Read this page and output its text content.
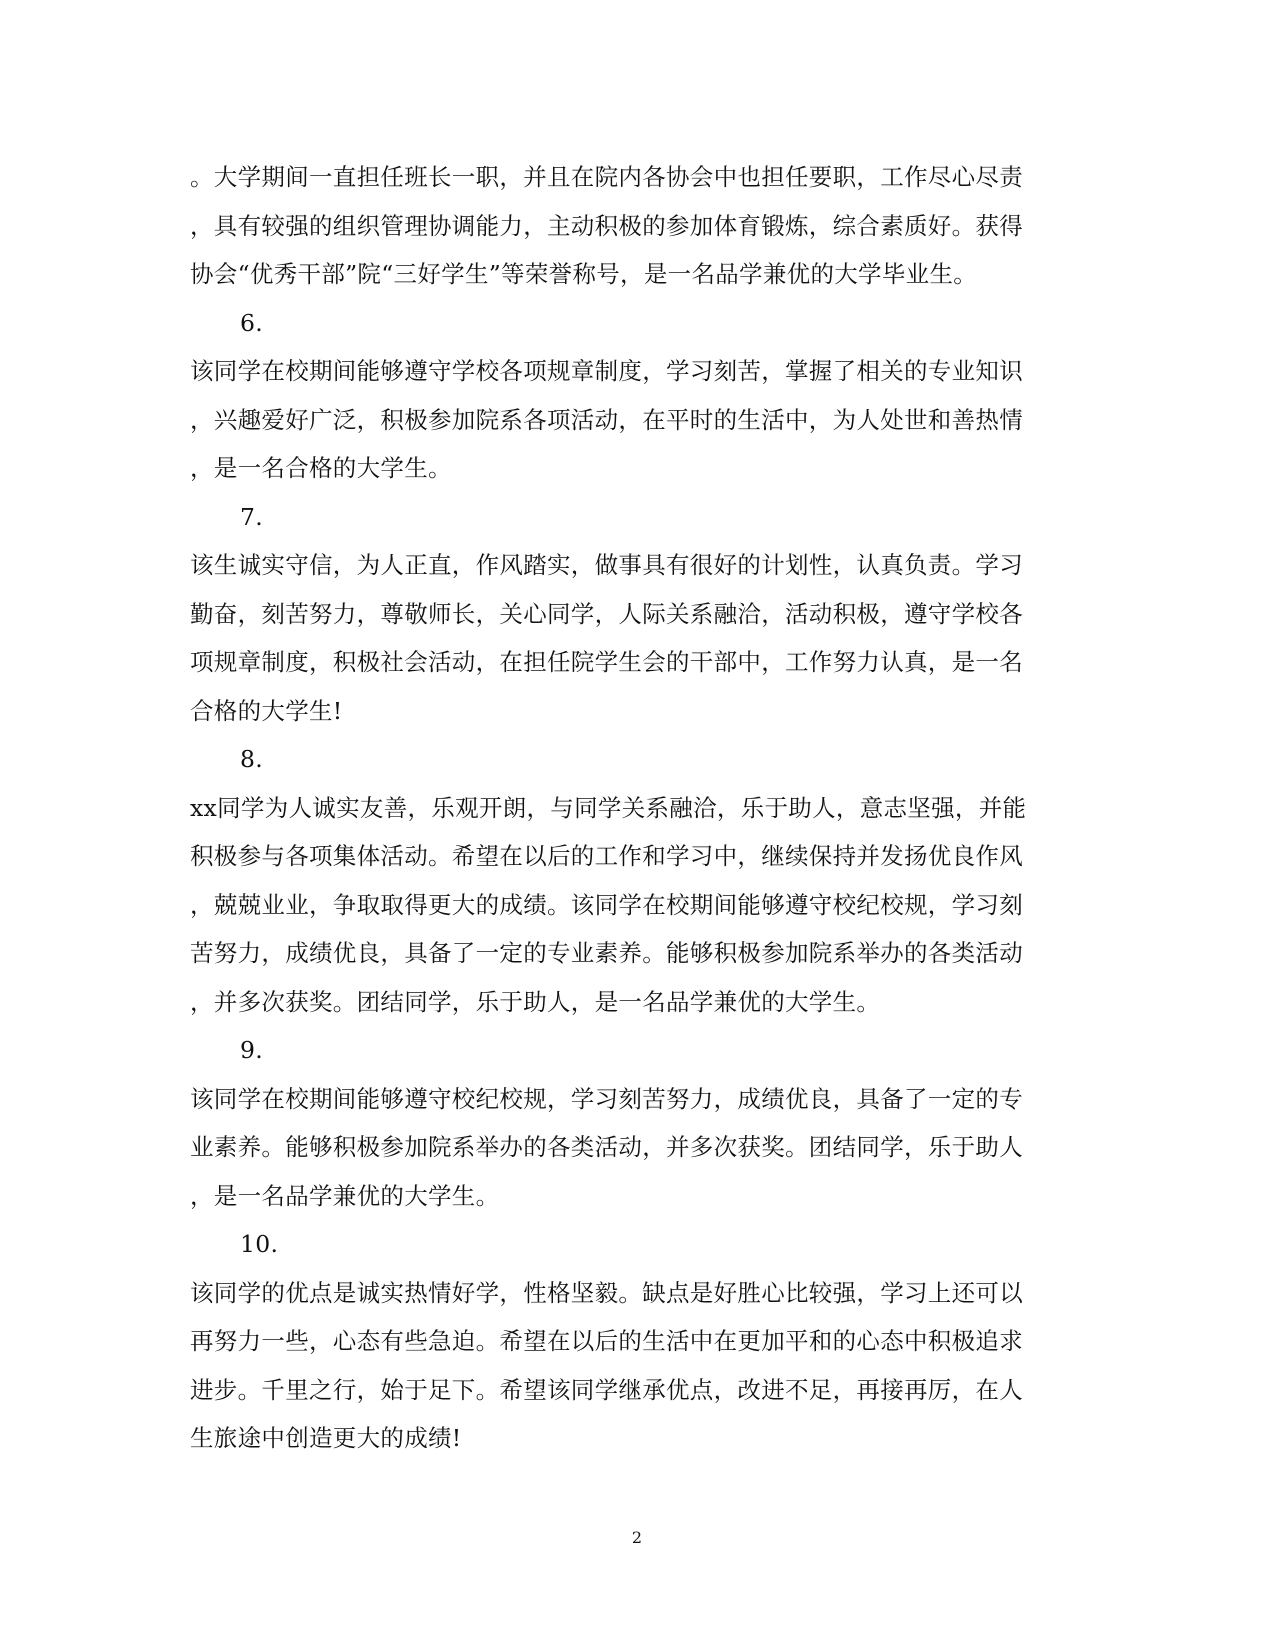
。大学期间一直担任班长一职，并且在院内各协会中也担任要职，工作尽心尽责
，具有较强的组织管理协调能力，主动积极的参加体育锻炼，综合素质好。获得
协会“优秀干部”院“三好学生”等荣誉称号，是一名品学兼优的大学毕业生。
6.
该同学在校期间能够遵守学校各项规章制度，学习刻苦，掌握了相关的专业知识
，兴趣爱好广泛，积极参加院系各项活动，在平时的生活中，为人处世和善热情
，是一名合格的大学生。
7.
该生诚实守信，为人正直，作风踏实，做事具有很好的计划性，认真负责。学习
勤奋，刻苦努力，尊敬师长，关心同学，人际关系融洽，活动积极，遵守学校各
项规章制度，积极社会活动，在担任院学生会的干部中，工作努力认真，是一名
合格的大学生!
8.
xx同学为人诚实友善，乐观开朗，与同学关系融洽，乐于助人，意志坚强，并能
积极参与各项集体活动。希望在以后的工作和学习中，继续保持并发扬优良作风
，兢兢业业，争取取得更大的成绩。该同学在校期间能够遵守校纪校规，学习刻
苦努力，成绩优良，具备了一定的专业素养。能够积极参加院系举办的各类活动
，并多次获奖。团结同学，乐于助人，是一名品学兼优的大学生。
9.
该同学在校期间能够遵守校纪校规，学习刻苦努力，成绩优良，具备了一定的专
业素养。能够积极参加院系举办的各类活动，并多次获奖。团结同学，乐于助人
，是一名品学兼优的大学生。
10.
该同学的优点是诚实热情好学，性格坚毅。缺点是好胜心比较强，学习上还可以
再努力一些，心态有些急迫。希望在以后的生活中在更加平和的心态中积极追求
进步。千里之行，始于足下。希望该同学继承优点，改进不足，再接再厉，在人
生旅途中创造更大的成绩!
2
